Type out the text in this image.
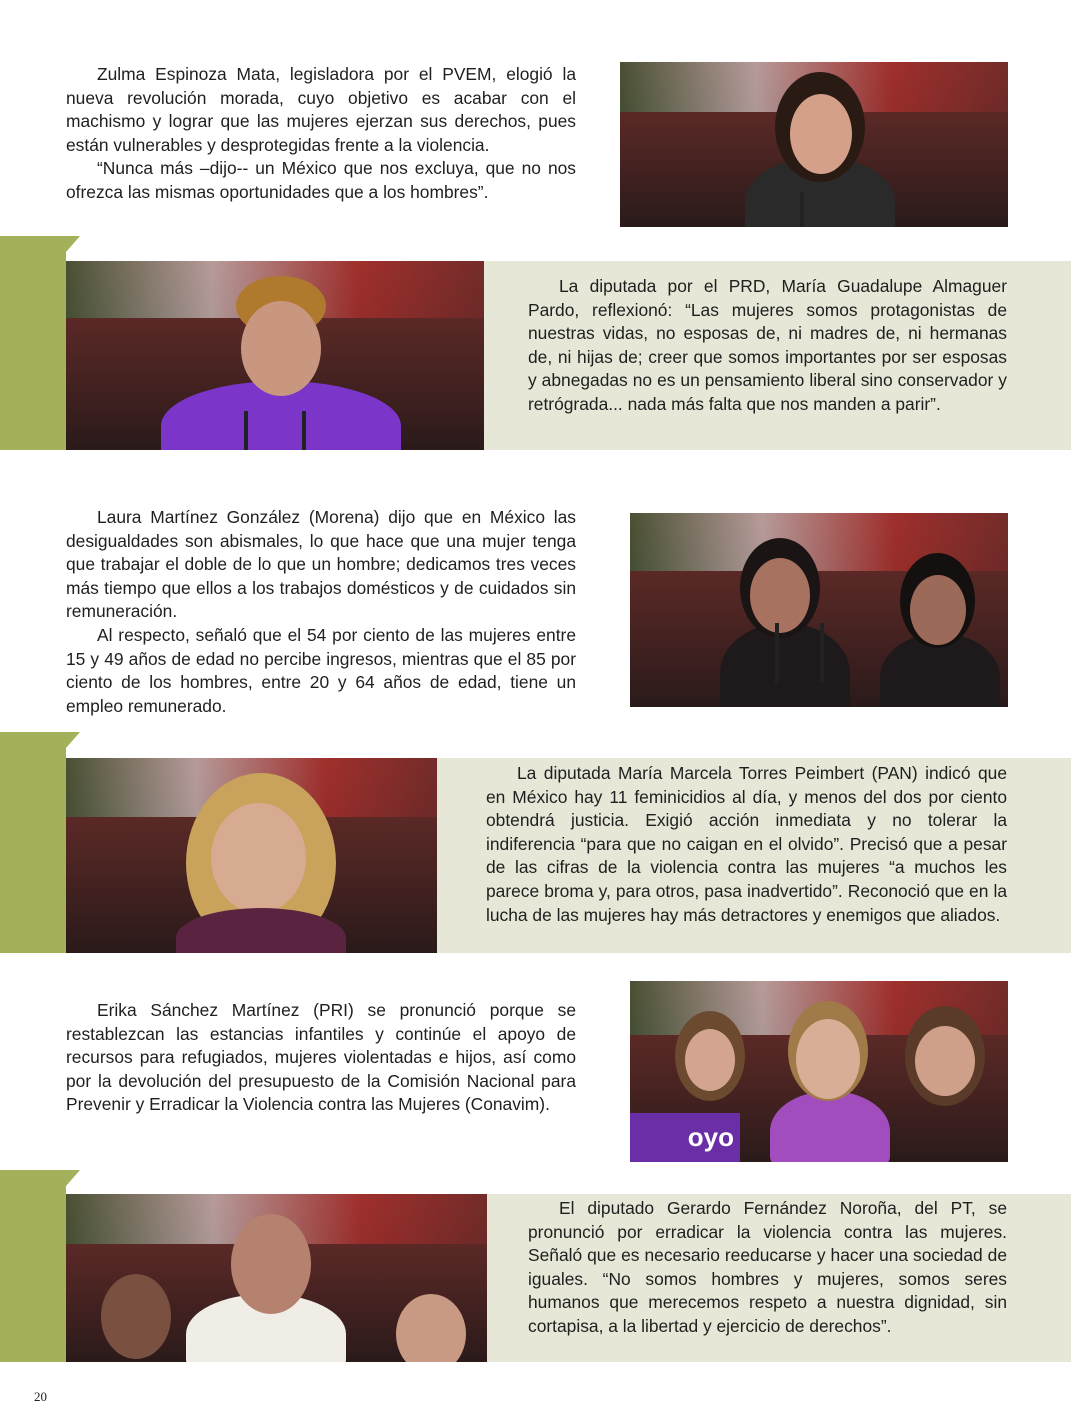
Zulma Espinoza Mata, legisladora por el PVEM, elogió la nueva revolución morada, cuyo objetivo es acabar con el machismo y lograr que las mujeres ejerzan sus derechos, pues están vulnerables y desprotegidas frente a la violencia.

“Nunca más –dijo-- un México que nos excluya, que no nos ofrezca las mismas oportunidades que a los hombres”.

La diputada por el PRD, María Guadalupe Almaguer Pardo, reflexionó: “Las mujeres somos protagonistas de nuestras vidas, no esposas de, ni madres de, ni hermanas de, ni hijas de; creer que somos importantes por ser esposas y abnegadas no es un pensamiento liberal sino conservador y retrógrada... nada más falta que nos manden a parir”.

Laura Martínez González (Morena) dijo que en México las desigualdades son abismales, lo que hace que una mujer tenga que trabajar el doble de lo que un hombre; dedicamos tres veces más tiempo que ellos a los trabajos domésticos y de cuidados sin remuneración.

Al respecto, señaló que el 54 por ciento de las mujeres entre 15 y 49 años de edad no percibe ingresos, mientras que el 85 por ciento de los hombres, entre 20 y 64 años de edad, tiene un empleo remunerado.

La diputada María Marcela Torres Peimbert (PAN) indicó que en México hay 11 feminicidios al día, y menos del dos por ciento obtendrá justicia. Exigió acción inmediata y no tolerar la indiferencia “para que no caigan en el olvido”. Precisó que a pesar de las cifras de la violencia contra las mujeres “a muchos les parece broma y, para otros, pasa inadvertido”. Reconoció que en la lucha de las mujeres hay más detractores y enemigos que aliados.

Erika Sánchez Martínez (PRI) se pronunció porque se restablezcan las estancias infantiles y continúe el apoyo de recursos para refugiados, mujeres violentadas e hijos, así como por la devolución del presupuesto de la Comisión Nacional para Prevenir y Erradicar la Violencia contra las Mujeres (Conavim).

oyo

El diputado Gerardo Fernández Noroña, del PT, se pronunció por erradicar la violencia contra las mujeres. Señaló que es necesario reeducarse y hacer una sociedad de iguales. “No somos hombres y mujeres, somos seres humanos que merecemos respeto a nuestra dignidad, sin cortapisa, a la libertad y ejercicio de derechos”.

20
